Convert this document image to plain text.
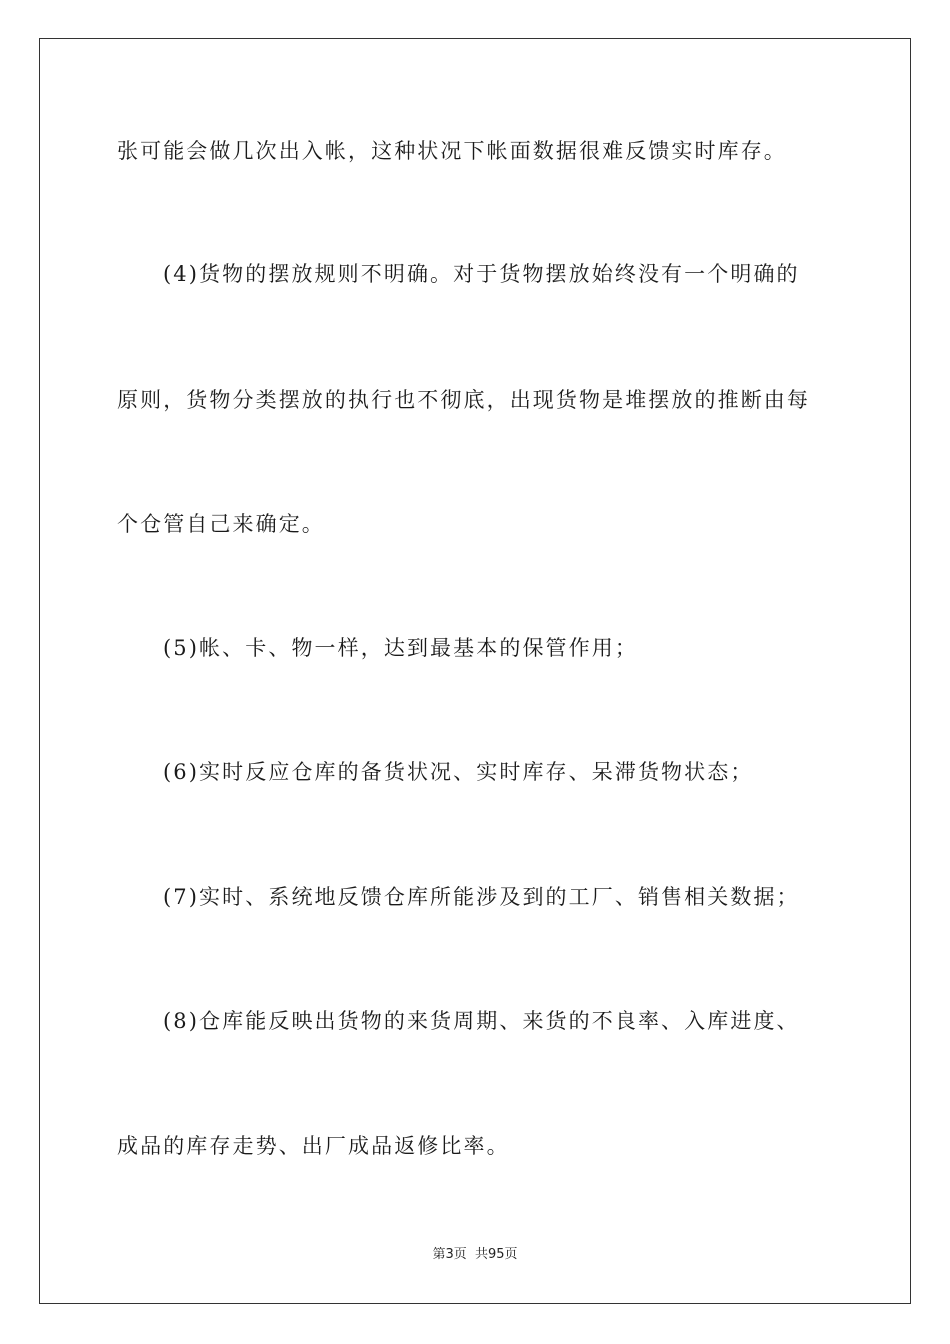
张可能会做几次出入帐，这种状况下帐面数据很难反馈实时库存。
(4)货物的摆放规则不明确。对于货物摆放始终没有一个明确的
原则，货物分类摆放的执行也不彻底，出现货物是堆摆放的推断由每
个仓管自己来确定。
(5)帐、卡、物一样，达到最基本的保管作用；
(6)实时反应仓库的备货状况、实时库存、呆滞货物状态；
(7)实时、系统地反馈仓库所能涉及到的工厂、销售相关数据；
(8)仓库能反映出货物的来货周期、来货的不良率、入库进度、
成品的库存走势、出厂成品返修比率。
第3页  共95页
